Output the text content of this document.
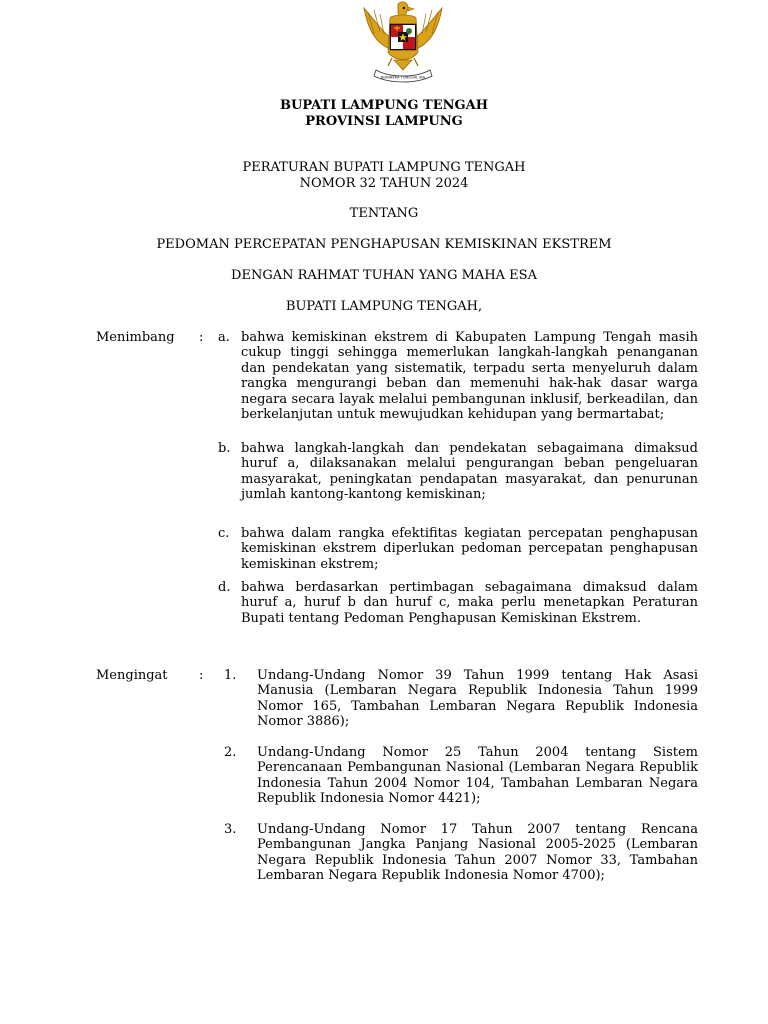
BHINNEKA TUNGGAL IKA
BUPATI LAMPUNG TENGAH
PROVINSI LAMPUNG
PERATURAN BUPATI LAMPUNG TENGAH
NOMOR 32 TAHUN 2024
TENTANG
PEDOMAN PERCEPATAN PENGHAPUSAN KEMISKINAN EKSTREM
DENGAN RAHMAT TUHAN YANG MAHA ESA
BUPATI LAMPUNG TENGAH,
Menimbang : a. bahwa kemiskinan ekstrem di Kabupaten Lampung Tengah masih cukup tinggi sehingga memerlukan langkah-langkah penanganan dan pendekatan yang sistematik, terpadu serta menyeluruh dalam rangka mengurangi beban dan memenuhi hak-hak dasar warga negara secara layak melalui pembangunan inklusif, berkeadilan, dan berkelanjutan untuk mewujudkan kehidupan yang bermartabat;

b. bahwa langkah-langkah dan pendekatan sebagaimana dimaksud huruf a, dilaksanakan melalui pengurangan beban pengeluaran masyarakat, peningkatan pendapatan masyarakat, dan penurunan jumlah kantong-kantong kemiskinan;

c. bahwa dalam rangka efektifitas kegiatan percepatan penghapusan kemiskinan ekstrem diperlukan pedoman percepatan penghapusan kemiskinan ekstrem;

d. bahwa berdasarkan pertimbagan sebagaimana dimaksud dalam huruf a, huruf b dan huruf c, maka perlu menetapkan Peraturan Bupati tentang Pedoman Penghapusan Kemiskinan Ekstrem.

Mengingat : 1. Undang-Undang Nomor 39 Tahun 1999 tentang Hak Asasi Manusia (Lembaran Negara Republik Indonesia Tahun 1999 Nomor 165, Tambahan Lembaran Negara Republik Indonesia Nomor 3886);

2. Undang-Undang Nomor 25 Tahun 2004 tentang Sistem Perencanaan Pembangunan Nasional (Lembaran Negara Republik Indonesia Tahun 2004 Nomor 104, Tambahan Lembaran Negara Republik Indonesia Nomor 4421);

3. Undang-Undang Nomor 17 Tahun 2007 tentang Rencana Pembangunan Jangka Panjang Nasional 2005-2025 (Lembaran Negara Republik Indonesia Tahun 2007 Nomor 33, Tambahan Lembaran Negara Republik Indonesia Nomor 4700);
